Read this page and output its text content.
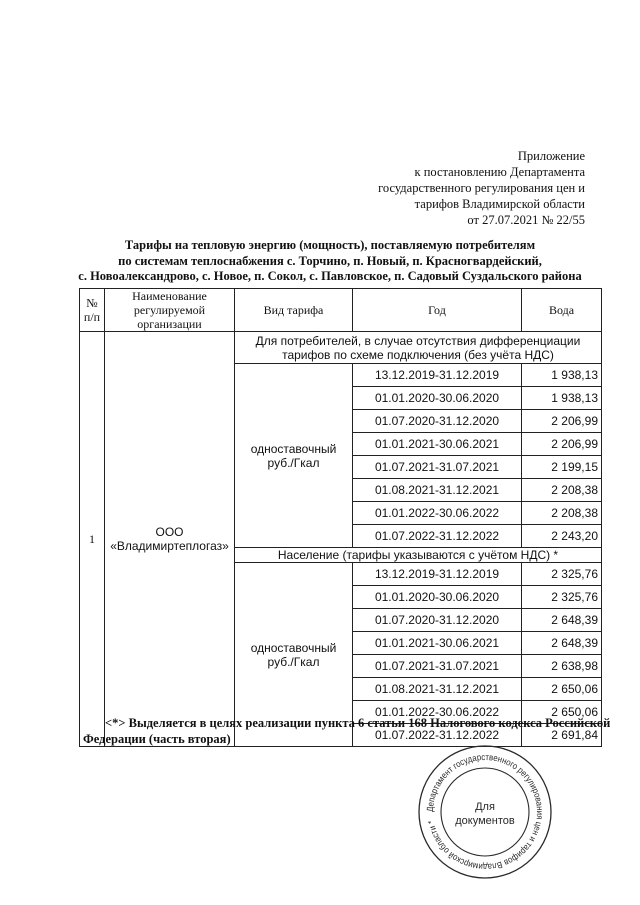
Приложение
к постановлению Департамента
государственного регулирования цен и
тарифов Владимирской области
от 27.07.2021 № 22/55
Тарифы на тепловую энергию (мощность), поставляемую потребителям
по системам теплоснабжения с. Торчино, п. Новый, п. Красногвардейский,
с. Новоалександрово, с. Новое, п. Сокол, с. Павловское, п. Садовый Суздальского района
№ п/п	Наименование регулируемой организации	Вид тарифа	Год	Вода
1	ООО «Владимиртеплогаз»	Для потребителей, в случае отсутствия дифференциации тарифов по схеме подключения (без учёта НДС)		
		одноставочный руб./Гкал	13.12.2019-31.12.2019	1 938,13
			01.01.2020-30.06.2020	1 938,13
			01.07.2020-31.12.2020	2 206,99
			01.01.2021-30.06.2021	2 206,99
			01.07.2021-31.07.2021	2 199,15
			01.08.2021-31.12.2021	2 208,38
			01.01.2022-30.06.2022	2 208,38
			01.07.2022-31.12.2022	2 243,20
		Население (тарифы указываются с учётом НДС) *		
		одноставочный руб./Гкал	13.12.2019-31.12.2019	2 325,76
			01.01.2020-30.06.2020	2 325,76
			01.07.2020-31.12.2020	2 648,39
			01.01.2021-30.06.2021	2 648,39
			01.07.2021-31.07.2021	2 638,98
			01.08.2021-31.12.2021	2 650,06
			01.01.2022-30.06.2022	2 650,06
			01.07.2022-31.12.2022	2 691,84
<*> Выделяется в целях реализации пункта 6 статьи 168 Налогового кодекса Российской
Федерации (часть вторая)
Департамент государственного регулирования цен и тарифов Владимирской области *
Для
документов
